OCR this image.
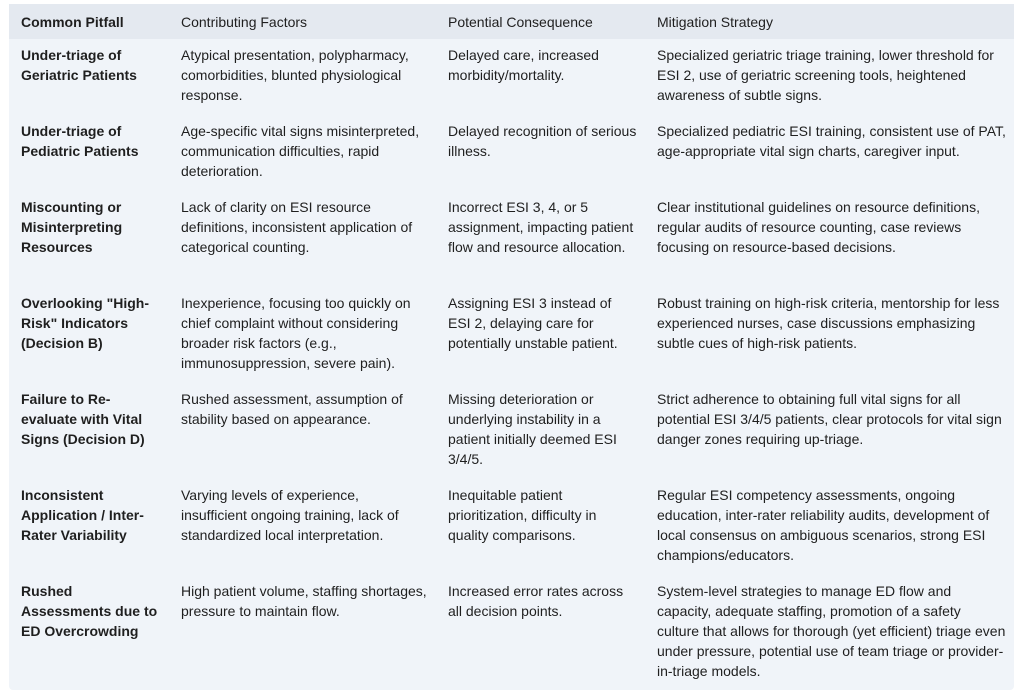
Common Pitfall	Contributing Factors	Potential Consequence	Mitigation Strategy
Under-triage of Geriatric Patients	Atypical presentation, polypharmacy, comorbidities, blunted physiological response.	Delayed care, increased morbidity/mortality.	Specialized geriatric triage training, lower threshold for ESI 2, use of geriatric screening tools, heightened awareness of subtle signs.
Under-triage of Pediatric Patients	Age-specific vital signs misinterpreted, communication difficulties, rapid deterioration.	Delayed recognition of serious illness.	Specialized pediatric ESI training, consistent use of PAT, age-appropriate vital sign charts, caregiver input.
Miscounting or Misinterpreting Resources	Lack of clarity on ESI resource definitions, inconsistent application of categorical counting.	Incorrect ESI 3, 4, or 5 assignment, impacting patient flow and resource allocation.	Clear institutional guidelines on resource definitions, regular audits of resource counting, case reviews focusing on resource-based decisions.
Overlooking "High-Risk" Indicators (Decision B)	Inexperience, focusing too quickly on chief complaint without considering broader risk factors (e.g., immunosuppression, severe pain).	Assigning ESI 3 instead of ESI 2, delaying care for potentially unstable patient.	Robust training on high-risk criteria, mentorship for less experienced nurses, case discussions emphasizing subtle cues of high-risk patients.
Failure to Re-evaluate with Vital Signs (Decision D)	Rushed assessment, assumption of stability based on appearance.	Missing deterioration or underlying instability in a patient initially deemed ESI 3/4/5.	Strict adherence to obtaining full vital signs for all potential ESI 3/4/5 patients, clear protocols for vital sign danger zones requiring up-triage.
Inconsistent Application / Inter-Rater Variability	Varying levels of experience, insufficient ongoing training, lack of standardized local interpretation.	Inequitable patient prioritization, difficulty in quality comparisons.	Regular ESI competency assessments, ongoing education, inter-rater reliability audits, development of local consensus on ambiguous scenarios, strong ESI champions/educators.
Rushed Assessments due to ED Overcrowding	High patient volume, staffing shortages, pressure to maintain flow.	Increased error rates across all decision points.	System-level strategies to manage ED flow and capacity, adequate staffing, promotion of a safety culture that allows for thorough (yet efficient) triage even under pressure, potential use of team triage or provider-in-triage models.
